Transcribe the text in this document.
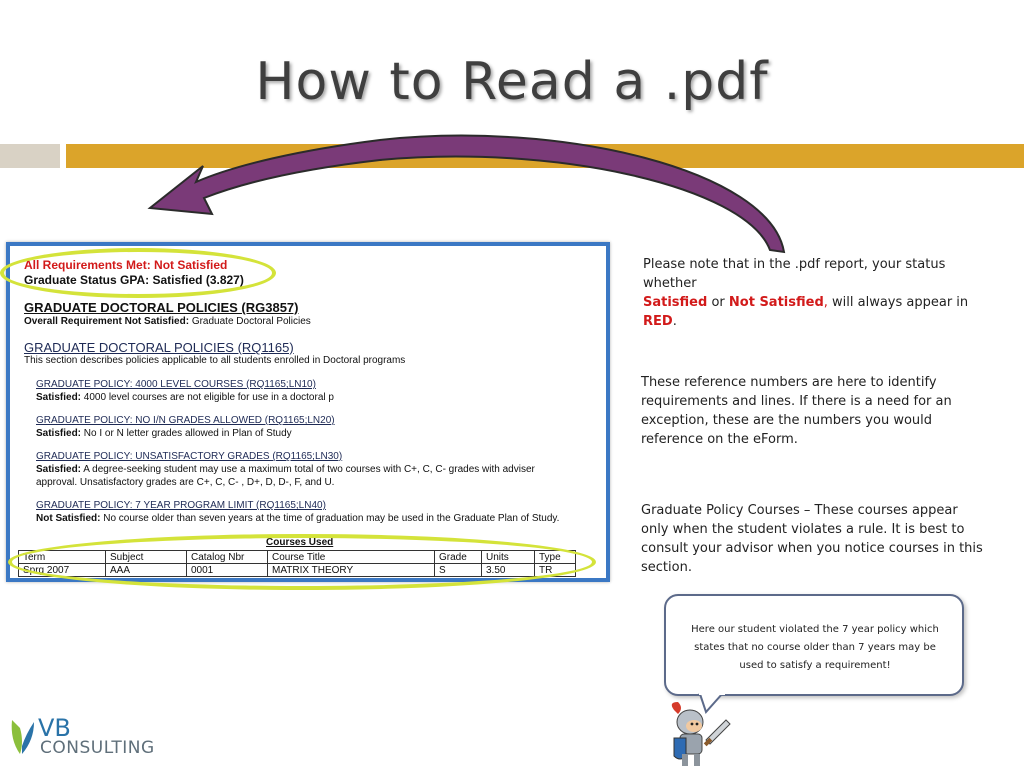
How to Read a .pdf
All Requirements Met: Not Satisfied
Graduate Status GPA: Satisfied (3.827)
GRADUATE DOCTORAL POLICIES (RG3857)
Overall Requirement Not Satisfied: Graduate Doctoral Policies
GRADUATE DOCTORAL POLICIES (RQ1165)
This section describes policies applicable to all students enrolled in Doctoral programs
GRADUATE POLICY: 4000 LEVEL COURSES (RQ1165;LN10)
Satisfied: 4000 level courses are not eligible for use in a doctoral p
GRADUATE POLICY: NO I/N GRADES ALLOWED (RQ1165;LN20)
Satisfied: No I or N letter grades allowed in Plan of Study
GRADUATE POLICY: UNSATISFACTORY GRADES (RQ1165;LN30)
Satisfied: A degree-seeking student may use a maximum total of two courses with C+, C, C- grades with adviser
approval. Unsatisfactory grades are C+, C, C- , D+, D, D-, F, and U.
GRADUATE POLICY: 7 YEAR PROGRAM LIMIT (RQ1165;LN40)
Not Satisfied: No course older than seven years at the time of graduation may be used in the Graduate Plan of Study.
Courses Used
Term	Subject	Catalog Nbr	Course Title	Grade	Units	Type
Sprg 2007	AAA	0001	MATRIX THEORY	S	3.50	TR
Please note that in the .pdf report, your status whether
Satisfied or Not Satisfied, will always appear in RED.
These reference numbers are here to identify
requirements and lines. If there is a need for an
exception, these are the numbers you would
reference on the eForm.
Graduate Policy Courses – These courses appear
only when the student violates a rule. It is best to
consult your advisor when you notice courses in this
section.
Here our student violated the 7 year policy which
states that no course older than 7 years may be
used to satisfy a requirement!
VB
CONSULTING
